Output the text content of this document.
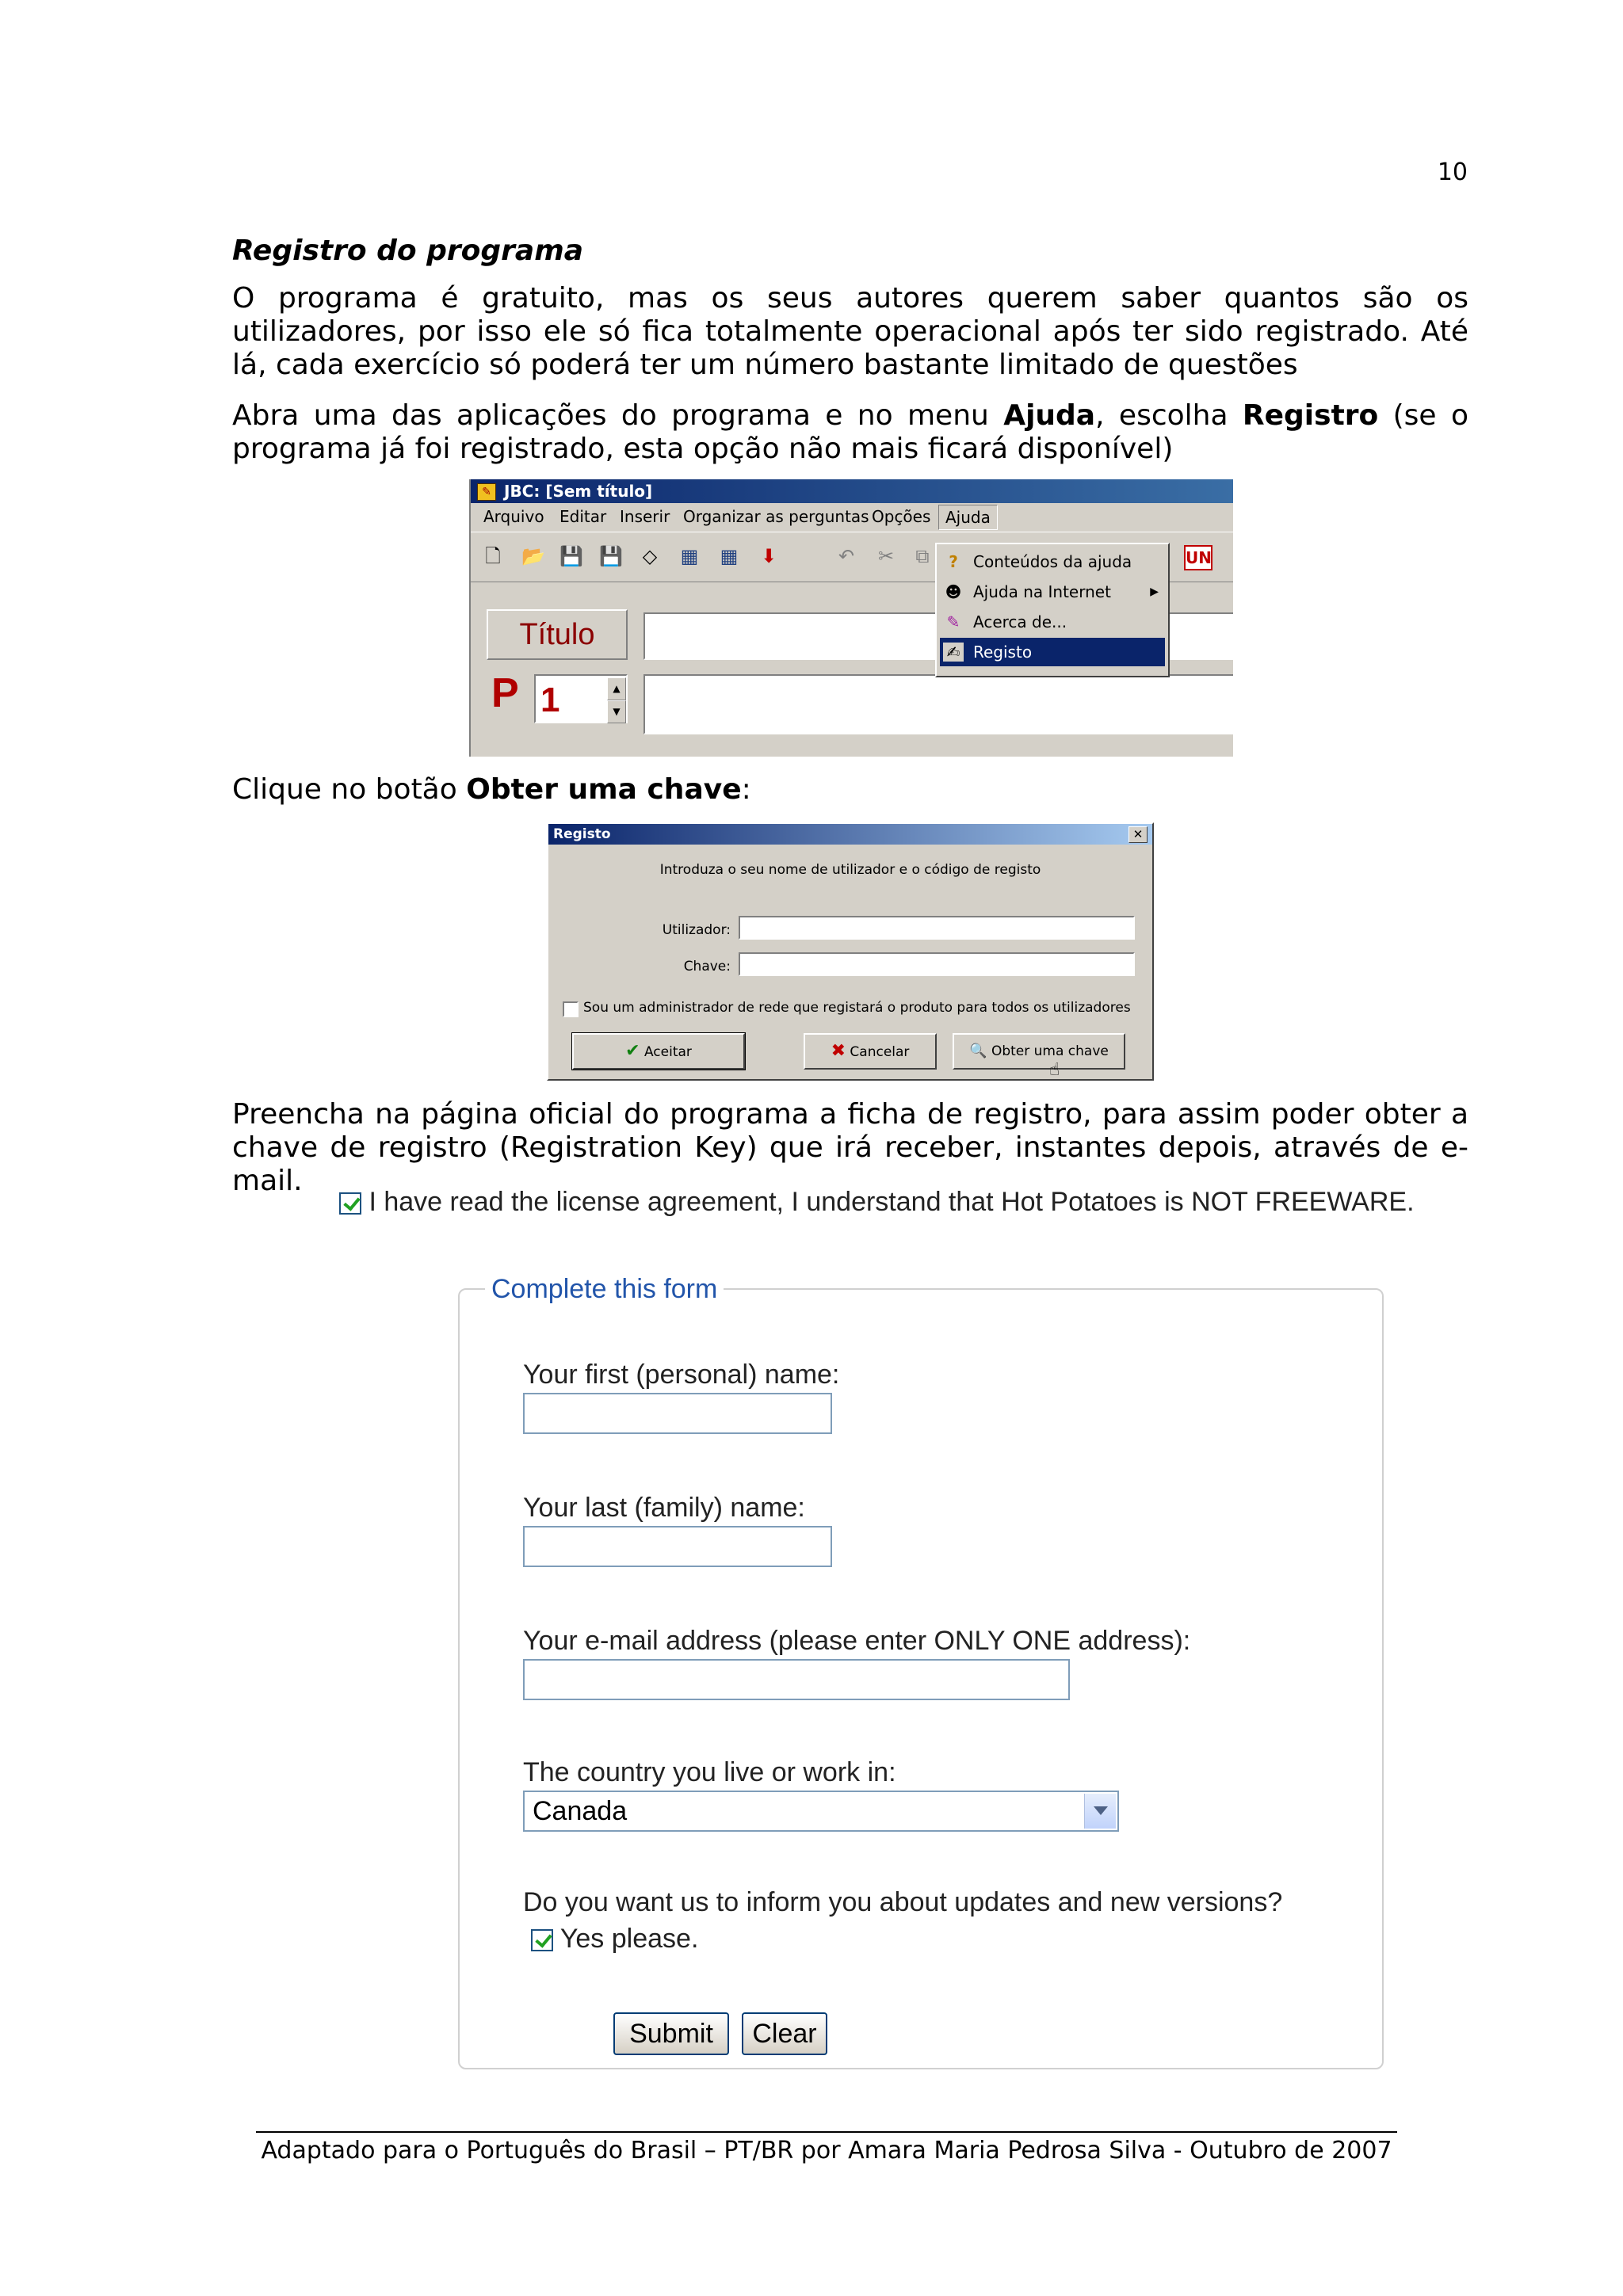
10
Registro do programa
O programa é gratuito, mas os seus autores querem saber quantos são os utilizadores, por isso ele só fica totalmente operacional após ter sido registrado. Até lá, cada exercício só poderá ter um número bastante limitado de questões
Abra uma das aplicações do programa e no menu Ajuda, escolha Registro (se o programa já foi registrado, esta opção não mais ficará disponível)
✎ JBC: [Sem título]
Arquivo Editar Inserir Organizar as perguntas Opções Ajuda
🗋 📂 💾 💾 ◇ ▦ ▦ ⬇	↶ ✂ ⧉	UN
Título
P 1	▲
▼
? Conteúdos da ajuda
☻ Ajuda na Internet	▶
✎ Acerca de...
✍ Registo
Clique no botão Obter uma chave:
Registo	✕
Introduza o seu nome de utilizador e o código de registo
Utilizador:
Chave:
Sou um administrador de rede que registará o produto para todos os utilizadores
✔ Aceitar	✖ Cancelar	🔍 Obter uma chave
☝
Preencha na página oficial do programa a ficha de registro, para assim poder obter a chave de registro (Registration Key) que irá receber, instantes depois, através de e-mail.
I have read the license agreement, I understand that Hot Potatoes is NOT FREEWARE.
Complete this form
Your first (personal) name:
Your last (family) name:
Your e-mail address (please enter ONLY ONE address):
The country you live or work in:
Canada
Do you want us to inform you about updates and new versions?
Yes please.
Submit	Clear
Adaptado para o Português do Brasil – PT/BR por Amara Maria Pedrosa Silva - Outubro de 2007
